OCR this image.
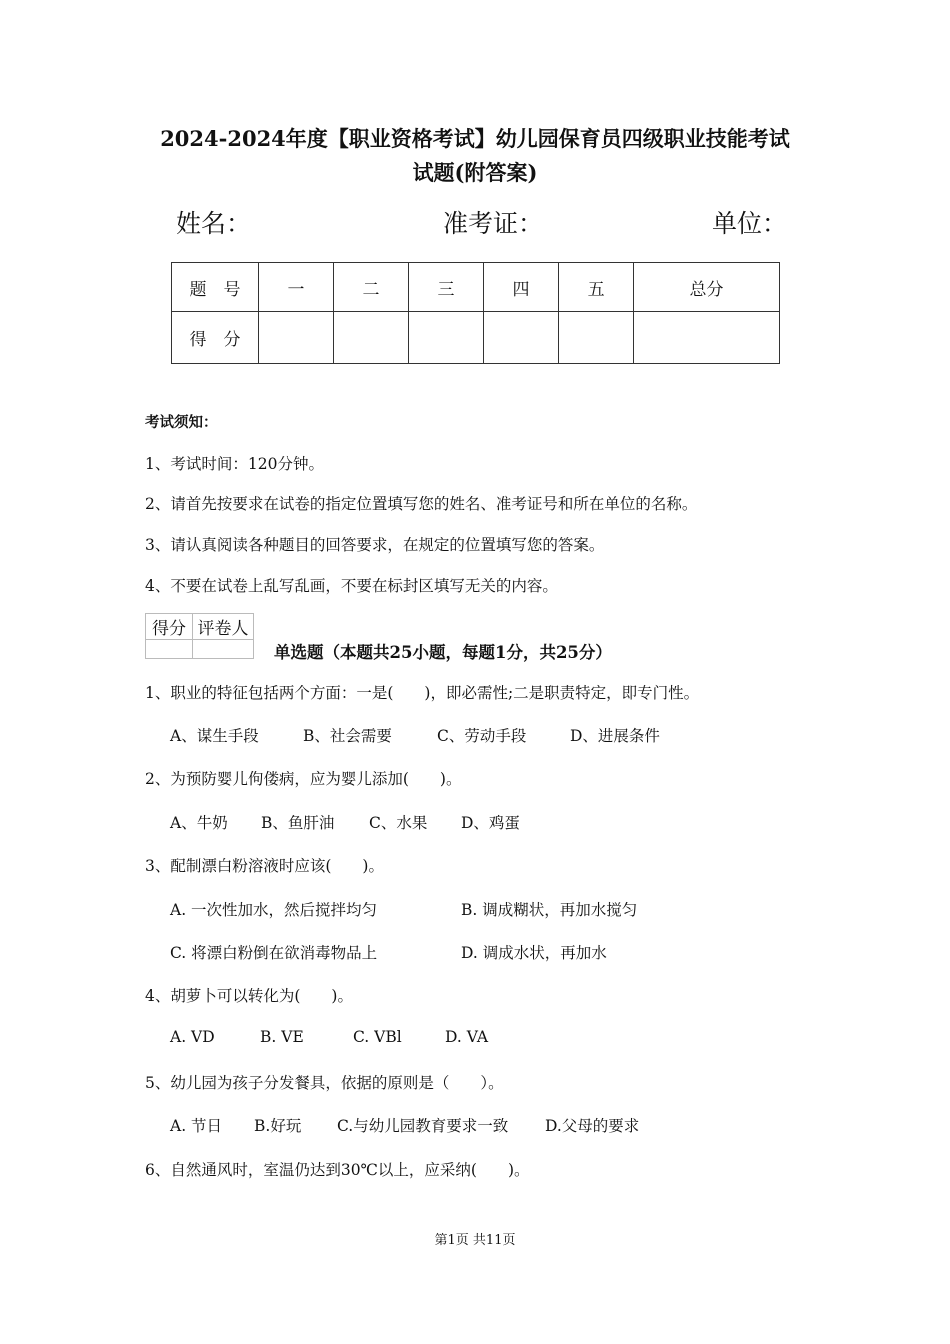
2024-2024年度【职业资格考试】幼儿园保育员四级职业技能考试
试题(附答案)
姓名：	准考证：	单位：
题　号	一	二	三	四	五	总分
得　分						
考试须知：
1、考试时间：120分钟。
2、请首先按要求在试卷的指定位置填写您的姓名、准考证号和所在单位的名称。
3、请认真阅读各种题目的回答要求，在规定的位置填写您的答案。
4、不要在试卷上乱写乱画，不要在标封区填写无关的内容。
得分	评卷人

单选题（本题共25小题，每题1分，共25分）
1、职业的特征包括两个方面：一是(　　)，即必需性;二是职责特定，即专门性。
A、谋生手段	B、社会需要	C、劳动手段	D、进展条件
2、为预防婴儿佝偻病，应为婴儿添加(　　)。
A、牛奶 B、鱼肝油 C、水果 D、鸡蛋
3、配制漂白粉溶液时应该(　　)。
A. 一次性加水，然后搅拌均匀	B. 调成糊状，再加水搅匀
C. 将漂白粉倒在欲消毒物品上	D. 调成水状，再加水
4、胡萝卜可以转化为(　　)。
A. VD	B. VE	C. VBl	D. VA
5、幼儿园为孩子分发餐具，依据的原则是（　　）。
A. 节日 B.好玩 C.与幼儿园教育要求一致 D.父母的要求
6、自然通风时，室温仍达到30℃以上，应采纳(　　)。
第1页 共11页
